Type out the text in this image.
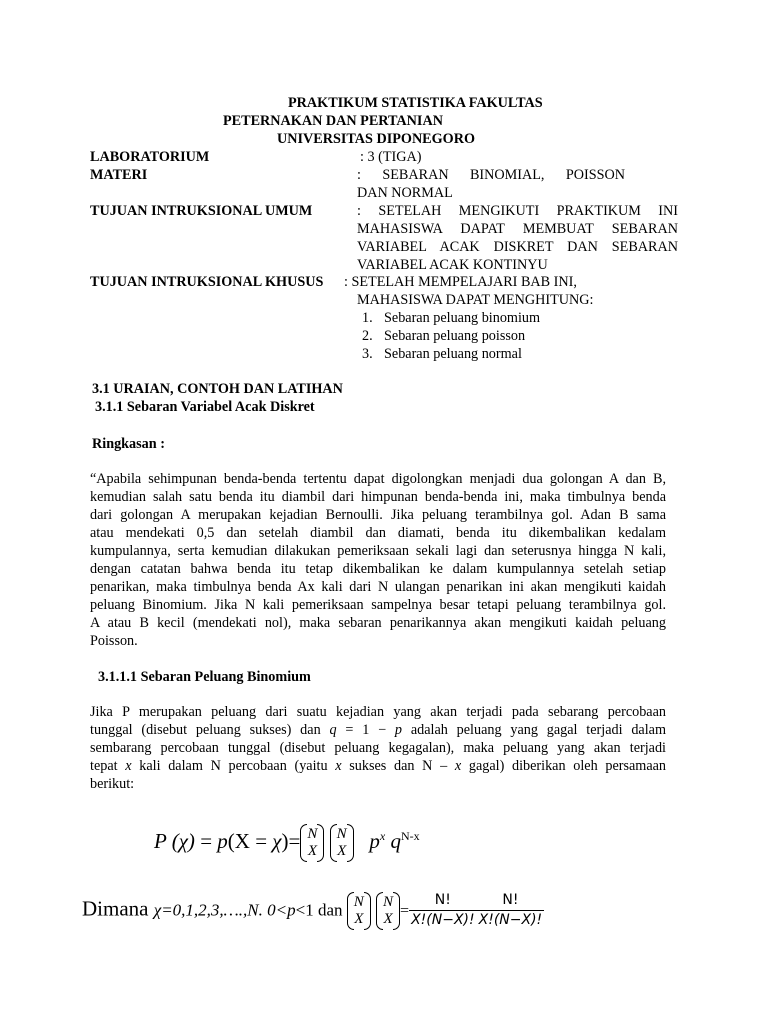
PRAKTIKUM STATISTIKA FAKULTAS
PETERNAKAN DAN PERTANIAN
UNIVERSITAS DIPONEGORO
LABORATORIUM	: 3 (TIGA)
MATERI	: SEBARAN BINOMIAL, POISSON
DAN NORMAL
TUJUAN INTRUKSIONAL UMUM	: SETELAH MENGIKUTI PRAKTIKUM INI
MAHASISWA DAPAT MEMBUAT SEBARAN
VARIABEL ACAK DISKRET DAN SEBARAN
VARIABEL ACAK KONTINYU
TUJUAN INTRUKSIONAL KHUSUS : SETELAH MEMPELAJARI BAB INI,
MAHASISWA DAPAT MENGHITUNG:
1. Sebaran peluang binomium
2. Sebaran peluang poisson
3. Sebaran peluang normal
3.1 URAIAN, CONTOH DAN LATIHAN
3.1.1 Sebaran Variabel Acak Diskret
Ringkasan :
“Apabila sehimpunan benda-benda tertentu dapat digolongkan menjadi dua golongan A dan B,
kemudian salah satu benda itu diambil dari himpunan benda-benda ini, maka timbulnya benda
dari golongan A merupakan kejadian Bernoulli. Jika peluang terambilnya gol. Adan B sama
atau mendekati 0,5 dan setelah diambil dan diamati, benda itu dikembalikan kedalam
kumpulannya, serta kemudian dilakukan pemeriksaan sekali lagi dan seterusnya hingga N kali,
dengan catatan bahwa benda itu tetap dikembalikan ke dalam kumpulannya setelah setiap
penarikan, maka timbulnya benda Ax kali dari N ulangan penarikan ini akan mengikuti kaidah
peluang Binomium. Jika N kali pemeriksaan sampelnya besar tetapi peluang terambilnya gol.
A atau B kecil (mendekati nol), maka sebaran penarikannya akan mengikuti kaidah peluang
Poisson.
3.1.1.1 Sebaran Peluang Binomium
Jika P merupakan peluang dari suatu kejadian yang akan terjadi pada sebarang percobaan
tunggal (disebut peluang sukses) dan q = 1 − p adalah peluang yang gagal terjadi dalam
sembarang percobaan tunggal (disebut peluang kegagalan), maka peluang yang akan terjadi
tepat x kali dalam N percobaan (yaitu x sukses dan N – x gagal) diberikan oleh persamaan
berikut:
P (χ) = p(X = χ)= N
X

N
X $p^x$ $q^{N-x}$
Dimana χ=0,1,2,3,….,N. 0<p<1 dan N
X

N
$X = \frac{N!}{X!(N-X)!} \frac{N!}{X!(N-X)!}$
